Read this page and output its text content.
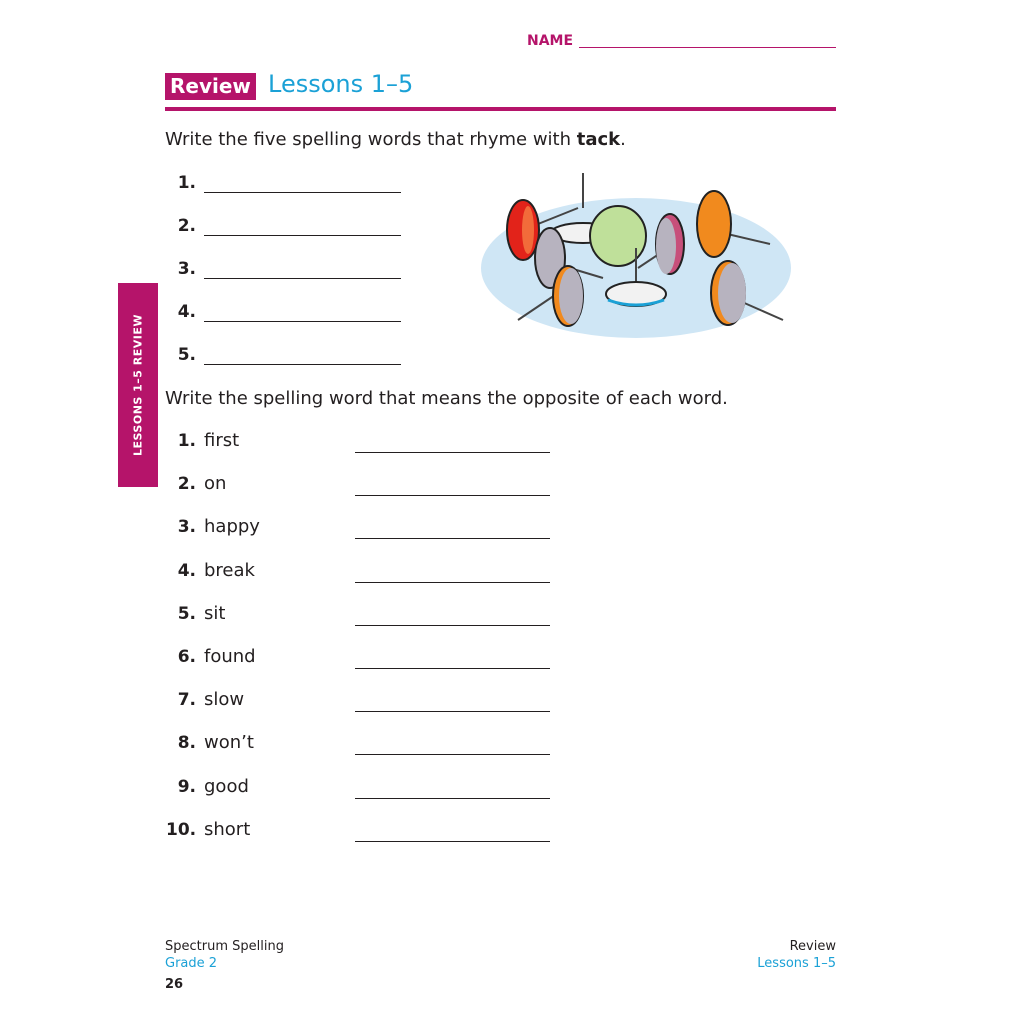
NAME
Review Lessons 1–5
LESSONS 1–5 REVIEW
Write the five spelling words that rhyme with tack.
1.
2.
3.
4.
5.
Write the spelling word that means the opposite of each word.
1. first
2. on
3. happy
4. break
5. sit
6. found
7. slow
8. won’t
9. good
10. short
Spectrum Spelling
Grade 2
Review
Lessons 1–5
26
